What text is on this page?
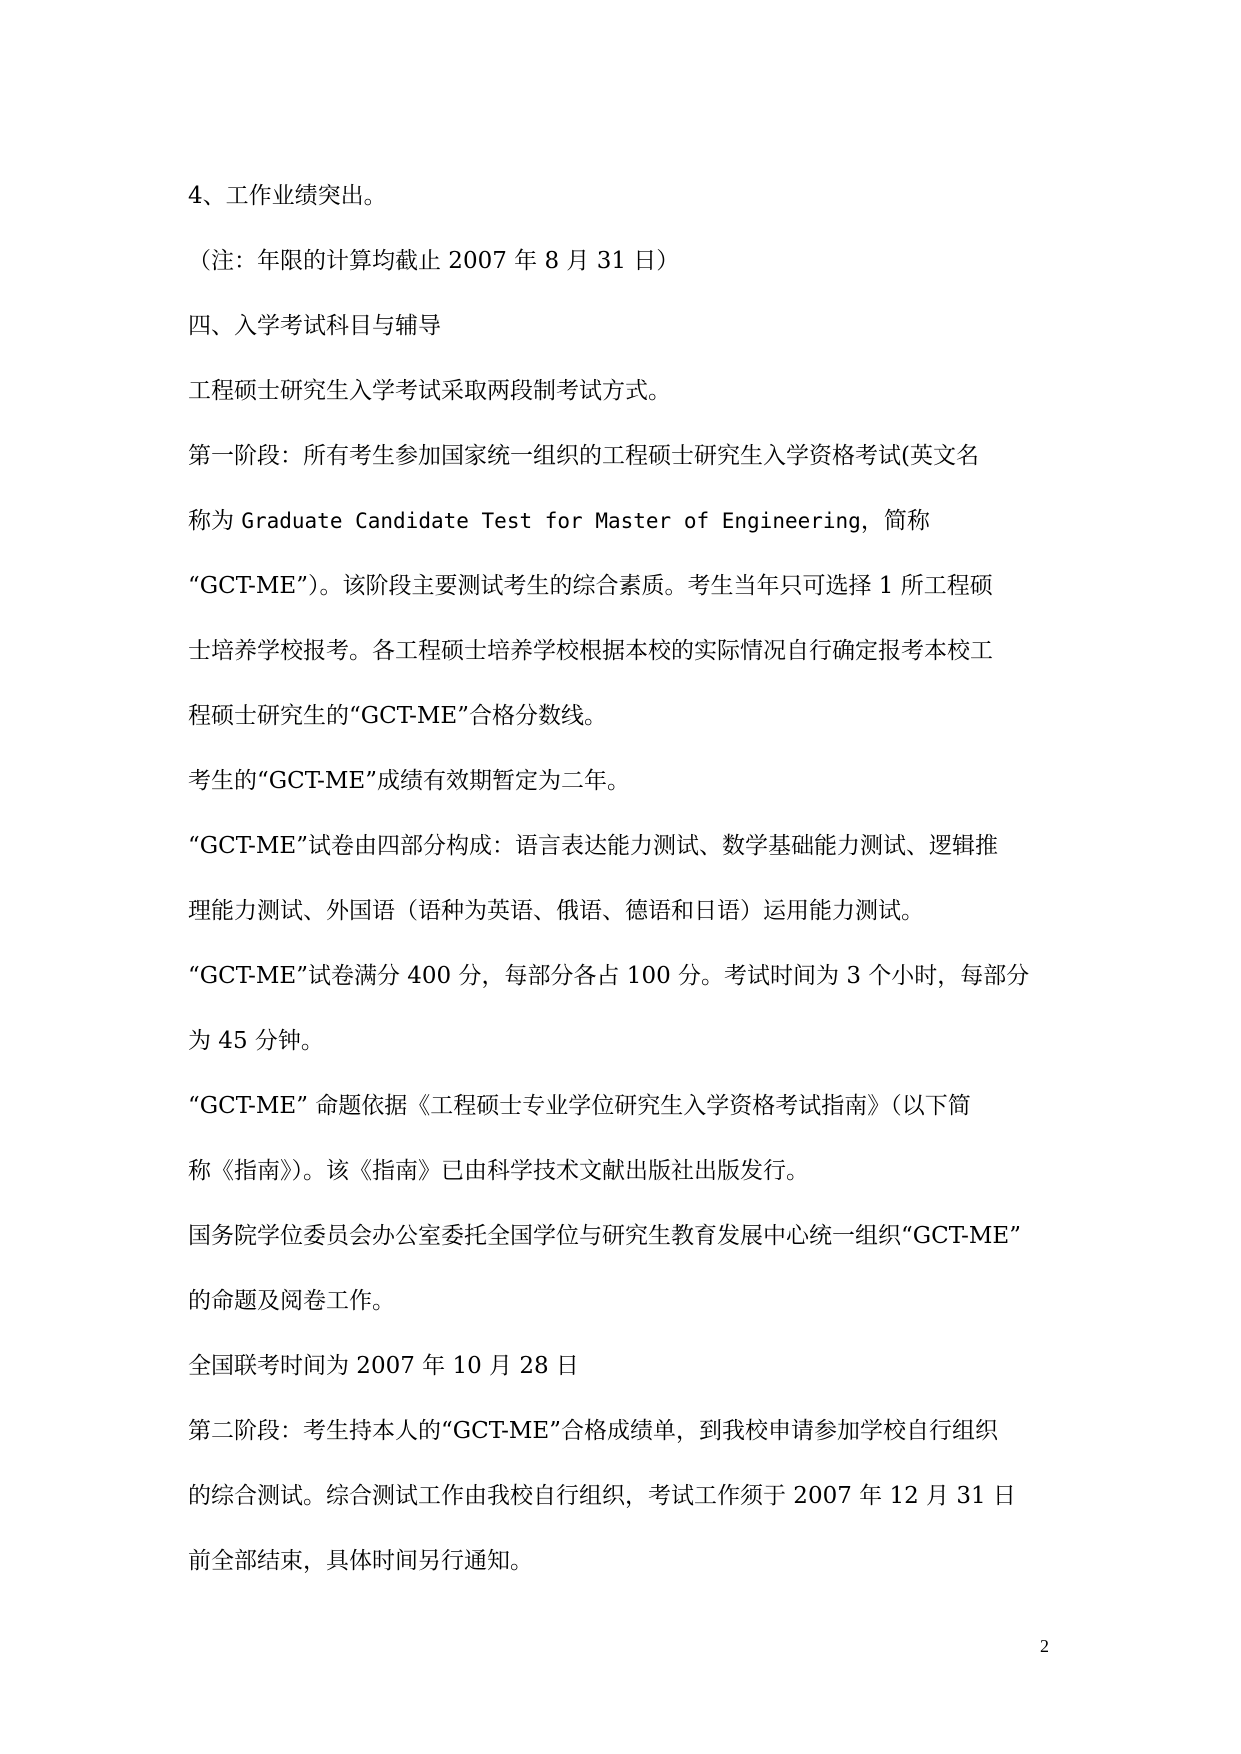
4、工作业绩突出。
（注：年限的计算均截止 2007 年 8 月 31 日）
四、入学考试科目与辅导
工程硕士研究生入学考试采取两段制考试方式。
第一阶段：所有考生参加国家统一组织的工程硕士研究生入学资格考试(英文名
称为 Graduate Candidate Test for Master of Engineering，简称
“GCT-ME”）。该阶段主要测试考生的综合素质。考生当年只可选择 1 所工程硕
士培养学校报考。各工程硕士培养学校根据本校的实际情况自行确定报考本校工
程硕士研究生的“GCT-ME”合格分数线。
考生的“GCT-ME”成绩有效期暂定为二年。
“GCT-ME”试卷由四部分构成：语言表达能力测试、数学基础能力测试、逻辑推
理能力测试、外国语（语种为英语、俄语、德语和日语）运用能力测试。
“GCT-ME”试卷满分 400 分，每部分各占 100 分。考试时间为 3 个小时，每部分
为 45 分钟。
“GCT-ME” 命题依据《工程硕士专业学位研究生入学资格考试指南》（以下简
称《指南》）。该《指南》已由科学技术文献出版社出版发行。
国务院学位委员会办公室委托全国学位与研究生教育发展中心统一组织“GCT-ME”
的命题及阅卷工作。
全国联考时间为 2007 年 10 月 28 日
第二阶段：考生持本人的“GCT-ME”合格成绩单，到我校申请参加学校自行组织
的综合测试。综合测试工作由我校自行组织，考试工作须于 2007 年 12 月 31 日
前全部结束，具体时间另行通知。
2
